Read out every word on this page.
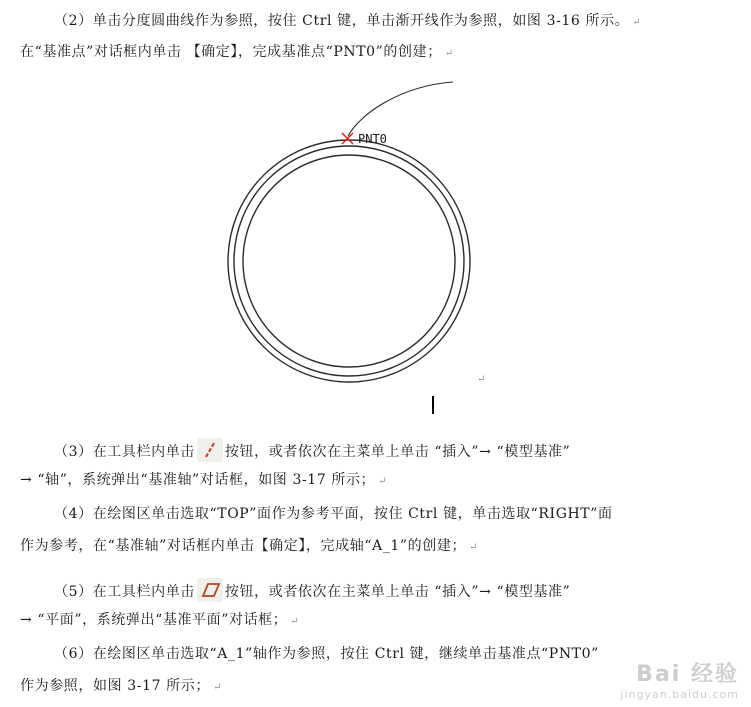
（2）单击分度圆曲线作为参照，按住 Ctrl 键，单击渐开线作为参照，如图 3-16 所示。 ↵
在“基准点”对话框内单击 【确定】，完成基准点“PNT0”的创建； ↵
PNT0
↵
（3）在工具栏内单击 按钮，或者依次在主菜单上单击 “插入”→ “模型基准”
→ “轴”，系统弹出“基准轴”对话框，如图 3-17 所示； ↵
（4）在绘图区单击选取“TOP”面作为参考平面，按住 Ctrl 键，单击选取“RIGHT”面
作为参考，在“基准轴”对话框内单击【确定】，完成轴“A_1”的创建； ↵
（5）在工具栏内单击 按钮，或者依次在主菜单上单击 “插入”→ “模型基准”
→ “平面”，系统弹出“基准平面”对话框； ↵
（6）在绘图区单击选取“A_1”轴作为参照，按住 Ctrl 键，继续单击基准点“PNT0”
作为参照，如图 3-17 所示； ↵
Bai 经验
jingyan.baidu.com
